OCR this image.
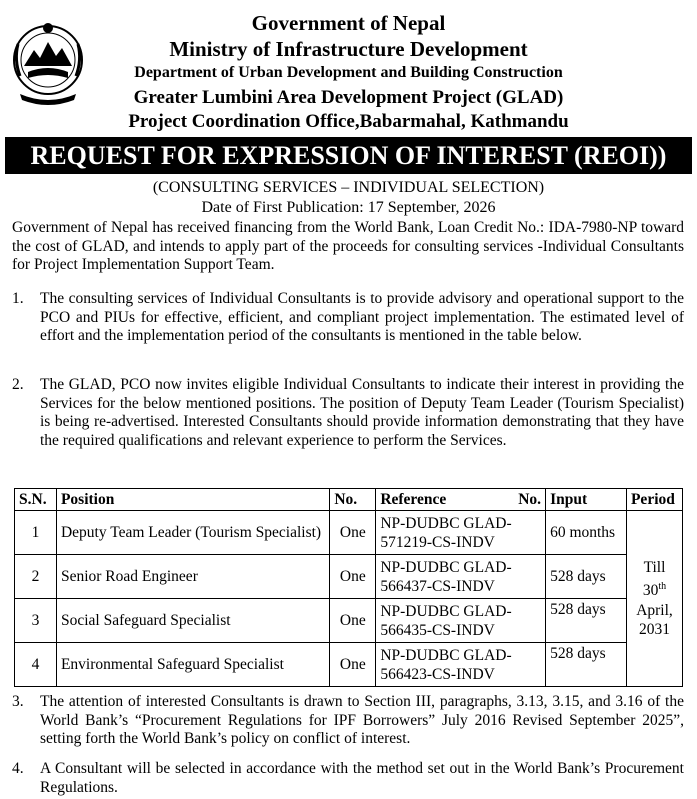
Government of Nepal
Ministry of Infrastructure Development
Department of Urban Development and Building Construction
Greater Lumbini Area Development Project (GLAD)
Project Coordination Office,Babarmahal, Kathmandu
REQUEST FOR EXPRESSION OF INTEREST (REOI))
(CONSULTING SERVICES – INDIVIDUAL SELECTION)
Date of First Publication: 17 September, 2026
Government of Nepal has received financing from the World Bank, Loan Credit No.: IDA-7980-NP toward the cost of GLAD, and intends to apply part of the proceeds for consulting services -Individual Consultants for Project Implementation Support Team.
1. The consulting services of Individual Consultants is to provide advisory and operational support to the PCO and PIUs for effective, efficient, and compliant project implementation. The estimated level of effort and the implementation period of the consultants is mentioned in the table below.
2. The GLAD, PCO now invites eligible Individual Consultants to indicate their interest in providing the Services for the below mentioned positions. The position of Deputy Team Leader (Tourism Specialist) is being re-advertised. Interested Consultants should provide information demonstrating that they have the required qualifications and relevant experience to perform the Services.
S.N.	Position	No.	Reference No.	Input	Period
1	Deputy Team Leader (Tourism Specialist)	One	NP-DUDBC GLAD-571219-CS-INDV	60 months	Till
30th
April, 2031

2	Senior Road Engineer	One	NP-DUDBC GLAD-566437-CS-INDV	528 days	
3	Social Safeguard Specialist	One	NP-DUDBC GLAD-566435-CS-INDV	528 days	
4	Environmental Safeguard Specialist	One	NP-DUDBC GLAD-566423-CS-INDV	528 days	
3. The attention of interested Consultants is drawn to Section III, paragraphs, 3.13, 3.15, and 3.16 of the World Bank’s “Procurement Regulations for IPF Borrowers” July 2016 Revised September 2025”, setting forth the World Bank’s policy on conflict of interest.
4. A Consultant will be selected in accordance with the method set out in the World Bank’s Procurement Regulations.
